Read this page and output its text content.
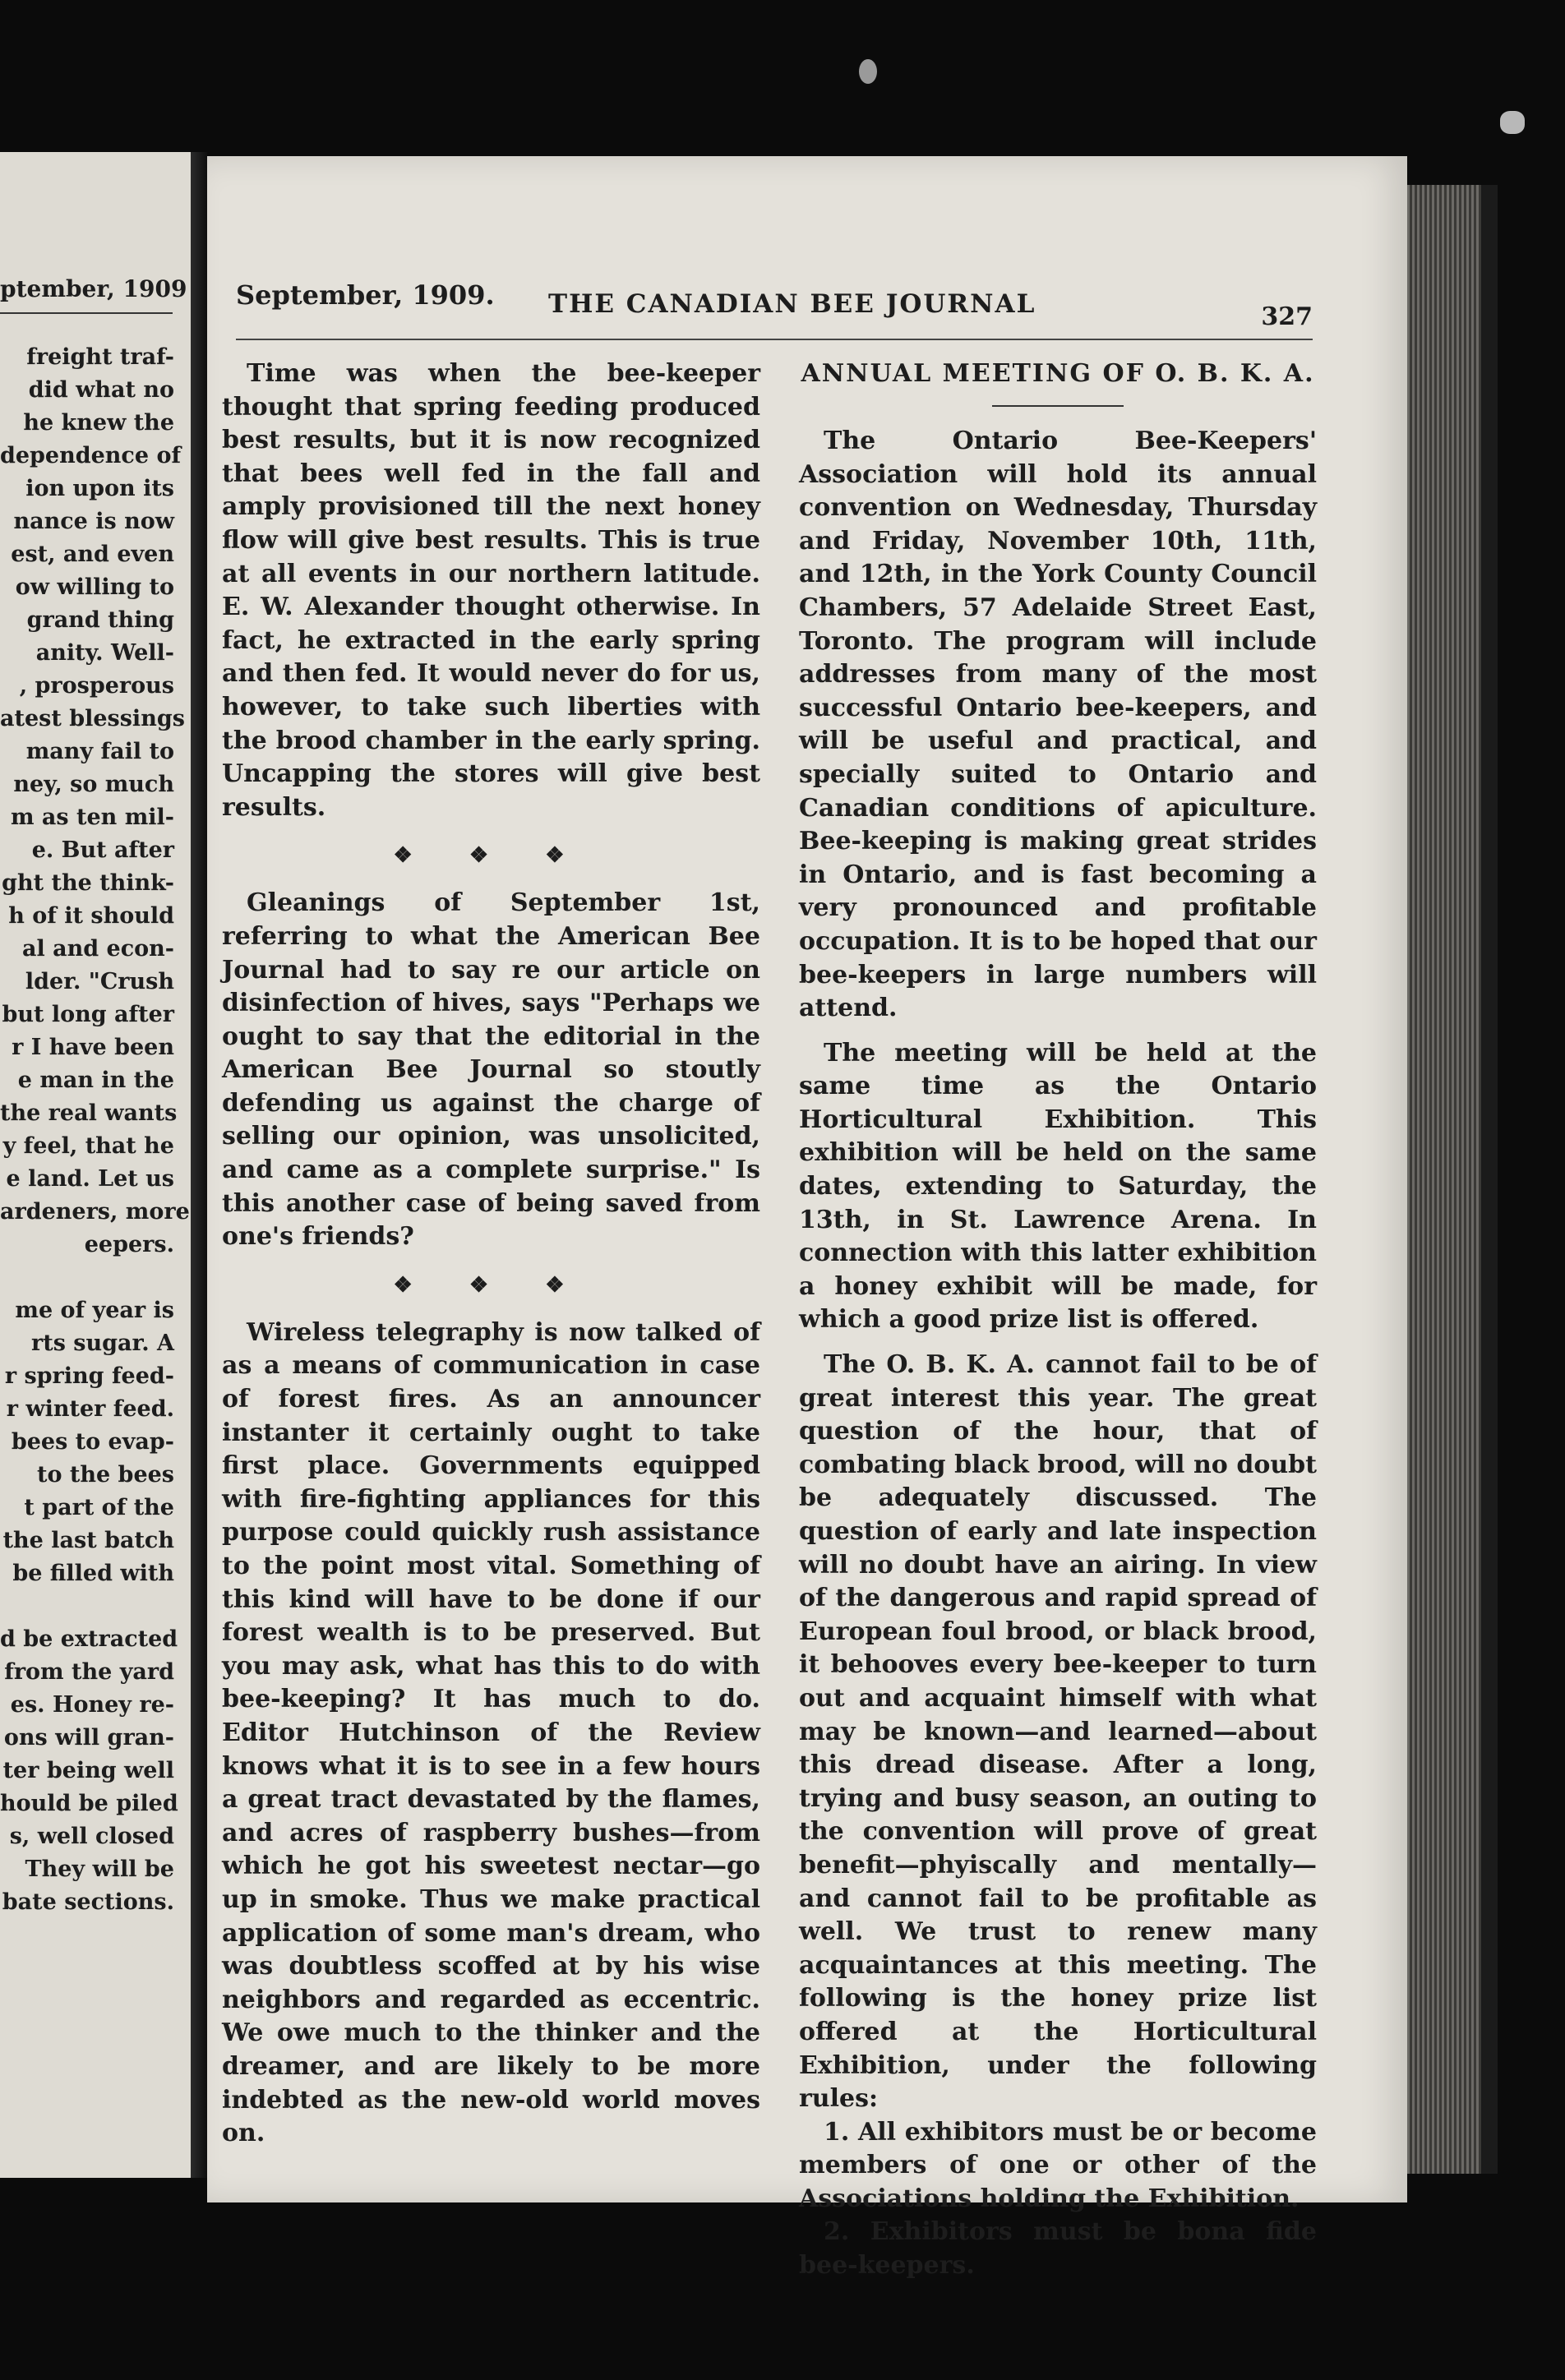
ptember, 1909
freight traf-
did what no
he knew the
dependence of
ion upon its
nance is now
est, and even
ow willing to
grand thing
anity. Well-
, prosperous
atest blessings
many fail to
ney, so much
m as ten mil-
e. But after
ght the think-
h of it should
al and econ-
lder. "Crush
but long after
r I have been
e man in the
the real wants
y feel, that he
e land. Let us
ardeners, more
eepers.
me of year is
rts sugar. A
r spring feed-
r winter feed.
bees to evap-
to the bees
t part of the
the last batch
be filled with
d be extracted
from the yard
es. Honey re-
ons will gran-
ter being well
hould be piled
s, well closed
They will be
bate sections.
September, 1909. THE CANADIAN BEE JOURNAL	327

Time was when the bee-keeper thought that spring feeding produced best results, but it is now recognized that bees well fed in the fall and amply provisioned till the next honey flow will give best results. This is true at all events in our northern latitude. E. W. Alexander thought otherwise. In fact, he extracted in the early spring and then fed. It would never do for us, however, to take such liberties with the brood chamber in the early spring. Uncapping the stores will give best results.

❖ ❖ ❖

Gleanings of September 1st, referring to what the American Bee Journal had to say re our article on disinfection of hives, says "Perhaps we ought to say that the editorial in the American Bee Journal so stoutly defending us against the charge of selling our opinion, was unsolicited, and came as a complete surprise." Is this another case of being saved from one's friends?

❖ ❖ ❖

Wireless telegraphy is now talked of as a means of communication in case of forest fires. As an announcer instanter it certainly ought to take first place. Governments equipped with fire-fighting appliances for this purpose could quickly rush assistance to the point most vital. Something of this kind will have to be done if our forest wealth is to be preserved. But you may ask, what has this to do with bee-keeping? It has much to do. Editor Hutchinson of the Review knows what it is to see in a few hours a great tract devastated by the flames, and acres of raspberry bushes—from which he got his sweetest nectar—go up in smoke. Thus we make practical application of some man's dream, who was doubtless scoffed at by his wise neighbors and regarded as eccentric. We owe much to the thinker and the dreamer, and are likely to be more indebted as the new-old world moves on.

ANNUAL MEETING OF O. B. K. A.

The Ontario Bee-Keepers' Association will hold its annual convention on Wednesday, Thursday and Friday, November 10th, 11th, and 12th, in the York County Council Chambers, 57 Adelaide Street East, Toronto. The program will include addresses from many of the most successful Ontario bee-keepers, and will be useful and practical, and specially suited to Ontario and Canadian conditions of apiculture. Bee-keeping is making great strides in Ontario, and is fast becoming a very pronounced and profitable occupation. It is to be hoped that our bee-keepers in large numbers will attend.

The meeting will be held at the same time as the Ontario Horticultural Exhibition. This exhibition will be held on the same dates, extending to Saturday, the 13th, in St. Lawrence Arena. In connection with this latter exhibition a honey exhibit will be made, for which a good prize list is offered.

The O. B. K. A. cannot fail to be of great interest this year. The great question of the hour, that of combating black brood, will no doubt be adequately discussed. The question of early and late inspection will no doubt have an airing. In view of the dangerous and rapid spread of European foul brood, or black brood, it behooves every bee-keeper to turn out and acquaint himself with what may be known—and learned—about this dread disease. After a long, trying and busy season, an outing to the convention will prove of great benefit—phyiscally and mentally—and cannot fail to be profitable as well. We trust to renew many acquaintances at this meeting. The following is the honey prize list offered at the Horticultural Exhibition, under the following rules:

1. All exhibitors must be or become members of one or other of the Associations holding the Exhibition.

2. Exhibitors must be bona fide bee-keepers.
